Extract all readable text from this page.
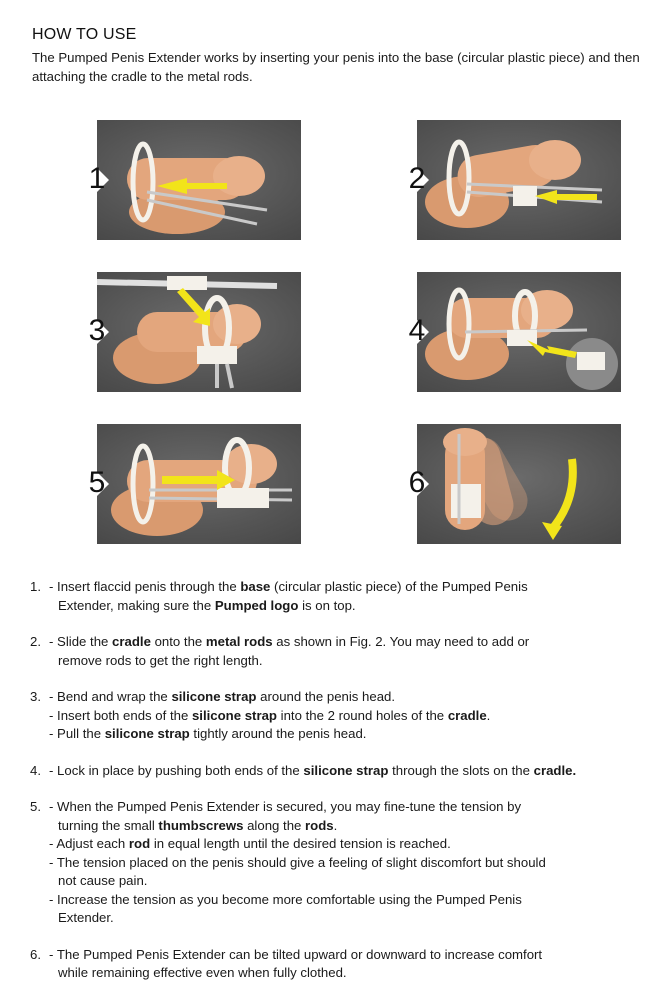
HOW TO USE
The Pumped Penis Extender works by inserting your penis into the base (circular plastic piece) and then attaching the cradle to the metal rods.
1	2
3	4
5	6
1. - Insert flaccid penis through the base (circular plastic piece) of the Pumped Penis
Extender, making sure the Pumped logo is on top.
2. - Slide the cradle onto the metal rods as shown in Fig. 2. You may need to add or
remove rods to get the right length.
3. - Bend and wrap the silicone strap around the penis head.
- Insert both ends of the silicone strap into the 2 round holes of the cradle.
- Pull the silicone strap tightly around the penis head.
4. - Lock in place by pushing both ends of the silicone strap through the slots on the cradle.
5. - When the Pumped Penis Extender is secured, you may fine-tune the tension by
turning the small thumbscrews along the rods.
- Adjust each rod in equal length until the desired tension is reached.
- The tension placed on the penis should give a feeling of slight discomfort but should
not cause pain.
- Increase the tension as you become more comfortable using the Pumped Penis
Extender.
6. - The Pumped Penis Extender can be tilted upward or downward to increase comfort
while remaining effective even when fully clothed.
